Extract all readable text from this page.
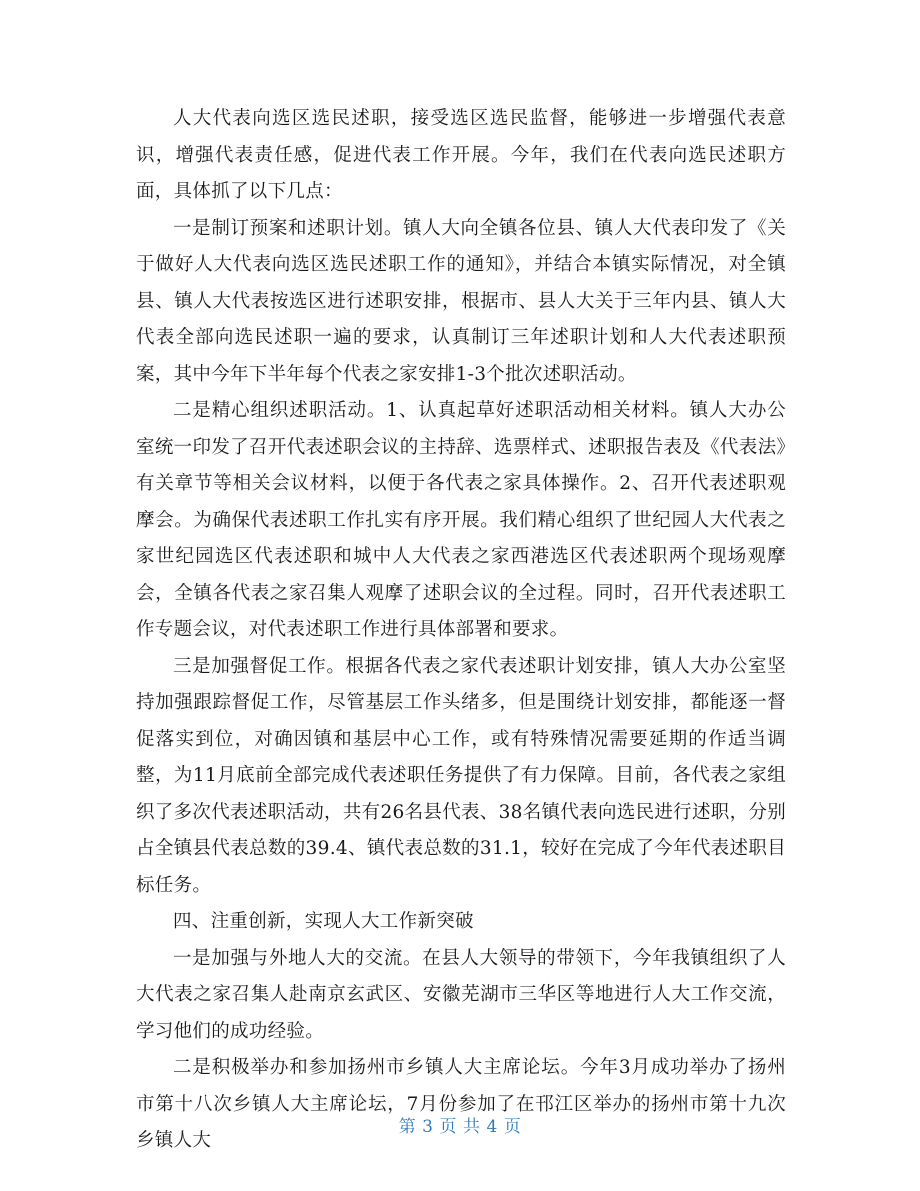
人大代表向选区选民述职，接受选区选民监督，能够进一步增强代表意识，增强代表责任感，促进代表工作开展。今年，我们在代表向选民述职方面，具体抓了以下几点：

一是制订预案和述职计划。镇人大向全镇各位县、镇人大代表印发了《关于做好人大代表向选区选民述职工作的通知》，并结合本镇实际情况，对全镇县、镇人大代表按选区进行述职安排，根据市、县人大关于三年内县、镇人大代表全部向选民述职一遍的要求，认真制订三年述职计划和人大代表述职预案，其中今年下半年每个代表之家安排1-3个批次述职活动。

二是精心组织述职活动。1、认真起草好述职活动相关材料。镇人大办公室统一印发了召开代表述职会议的主持辞、选票样式、述职报告表及《代表法》有关章节等相关会议材料，以便于各代表之家具体操作。2、召开代表述职观摩会。为确保代表述职工作扎实有序开展。我们精心组织了世纪园人大代表之家世纪园选区代表述职和城中人大代表之家西港选区代表述职两个现场观摩会，全镇各代表之家召集人观摩了述职会议的全过程。同时，召开代表述职工作专题会议，对代表述职工作进行具体部署和要求。

三是加强督促工作。根据各代表之家代表述职计划安排，镇人大办公室坚持加强跟踪督促工作，尽管基层工作头绪多，但是围绕计划安排，都能逐一督促落实到位，对确因镇和基层中心工作，或有特殊情况需要延期的作适当调整，为11月底前全部完成代表述职任务提供了有力保障。目前，各代表之家组织了多次代表述职活动，共有26名县代表、38名镇代表向选民进行述职，分别占全镇县代表总数的39.4、镇代表总数的31.1，较好在完成了今年代表述职目标任务。

四、注重创新，实现人大工作新突破

一是加强与外地人大的交流。在县人大领导的带领下，今年我镇组织了人大代表之家召集人赴南京玄武区、安徽芜湖市三华区等地进行人大工作交流，学习他们的成功经验。

二是积极举办和参加扬州市乡镇人大主席论坛。今年3月成功举办了扬州市第十八次乡镇人大主席论坛，7月份参加了在邗江区举办的扬州市第十九次乡镇人大

第 3 页 共 4 页
